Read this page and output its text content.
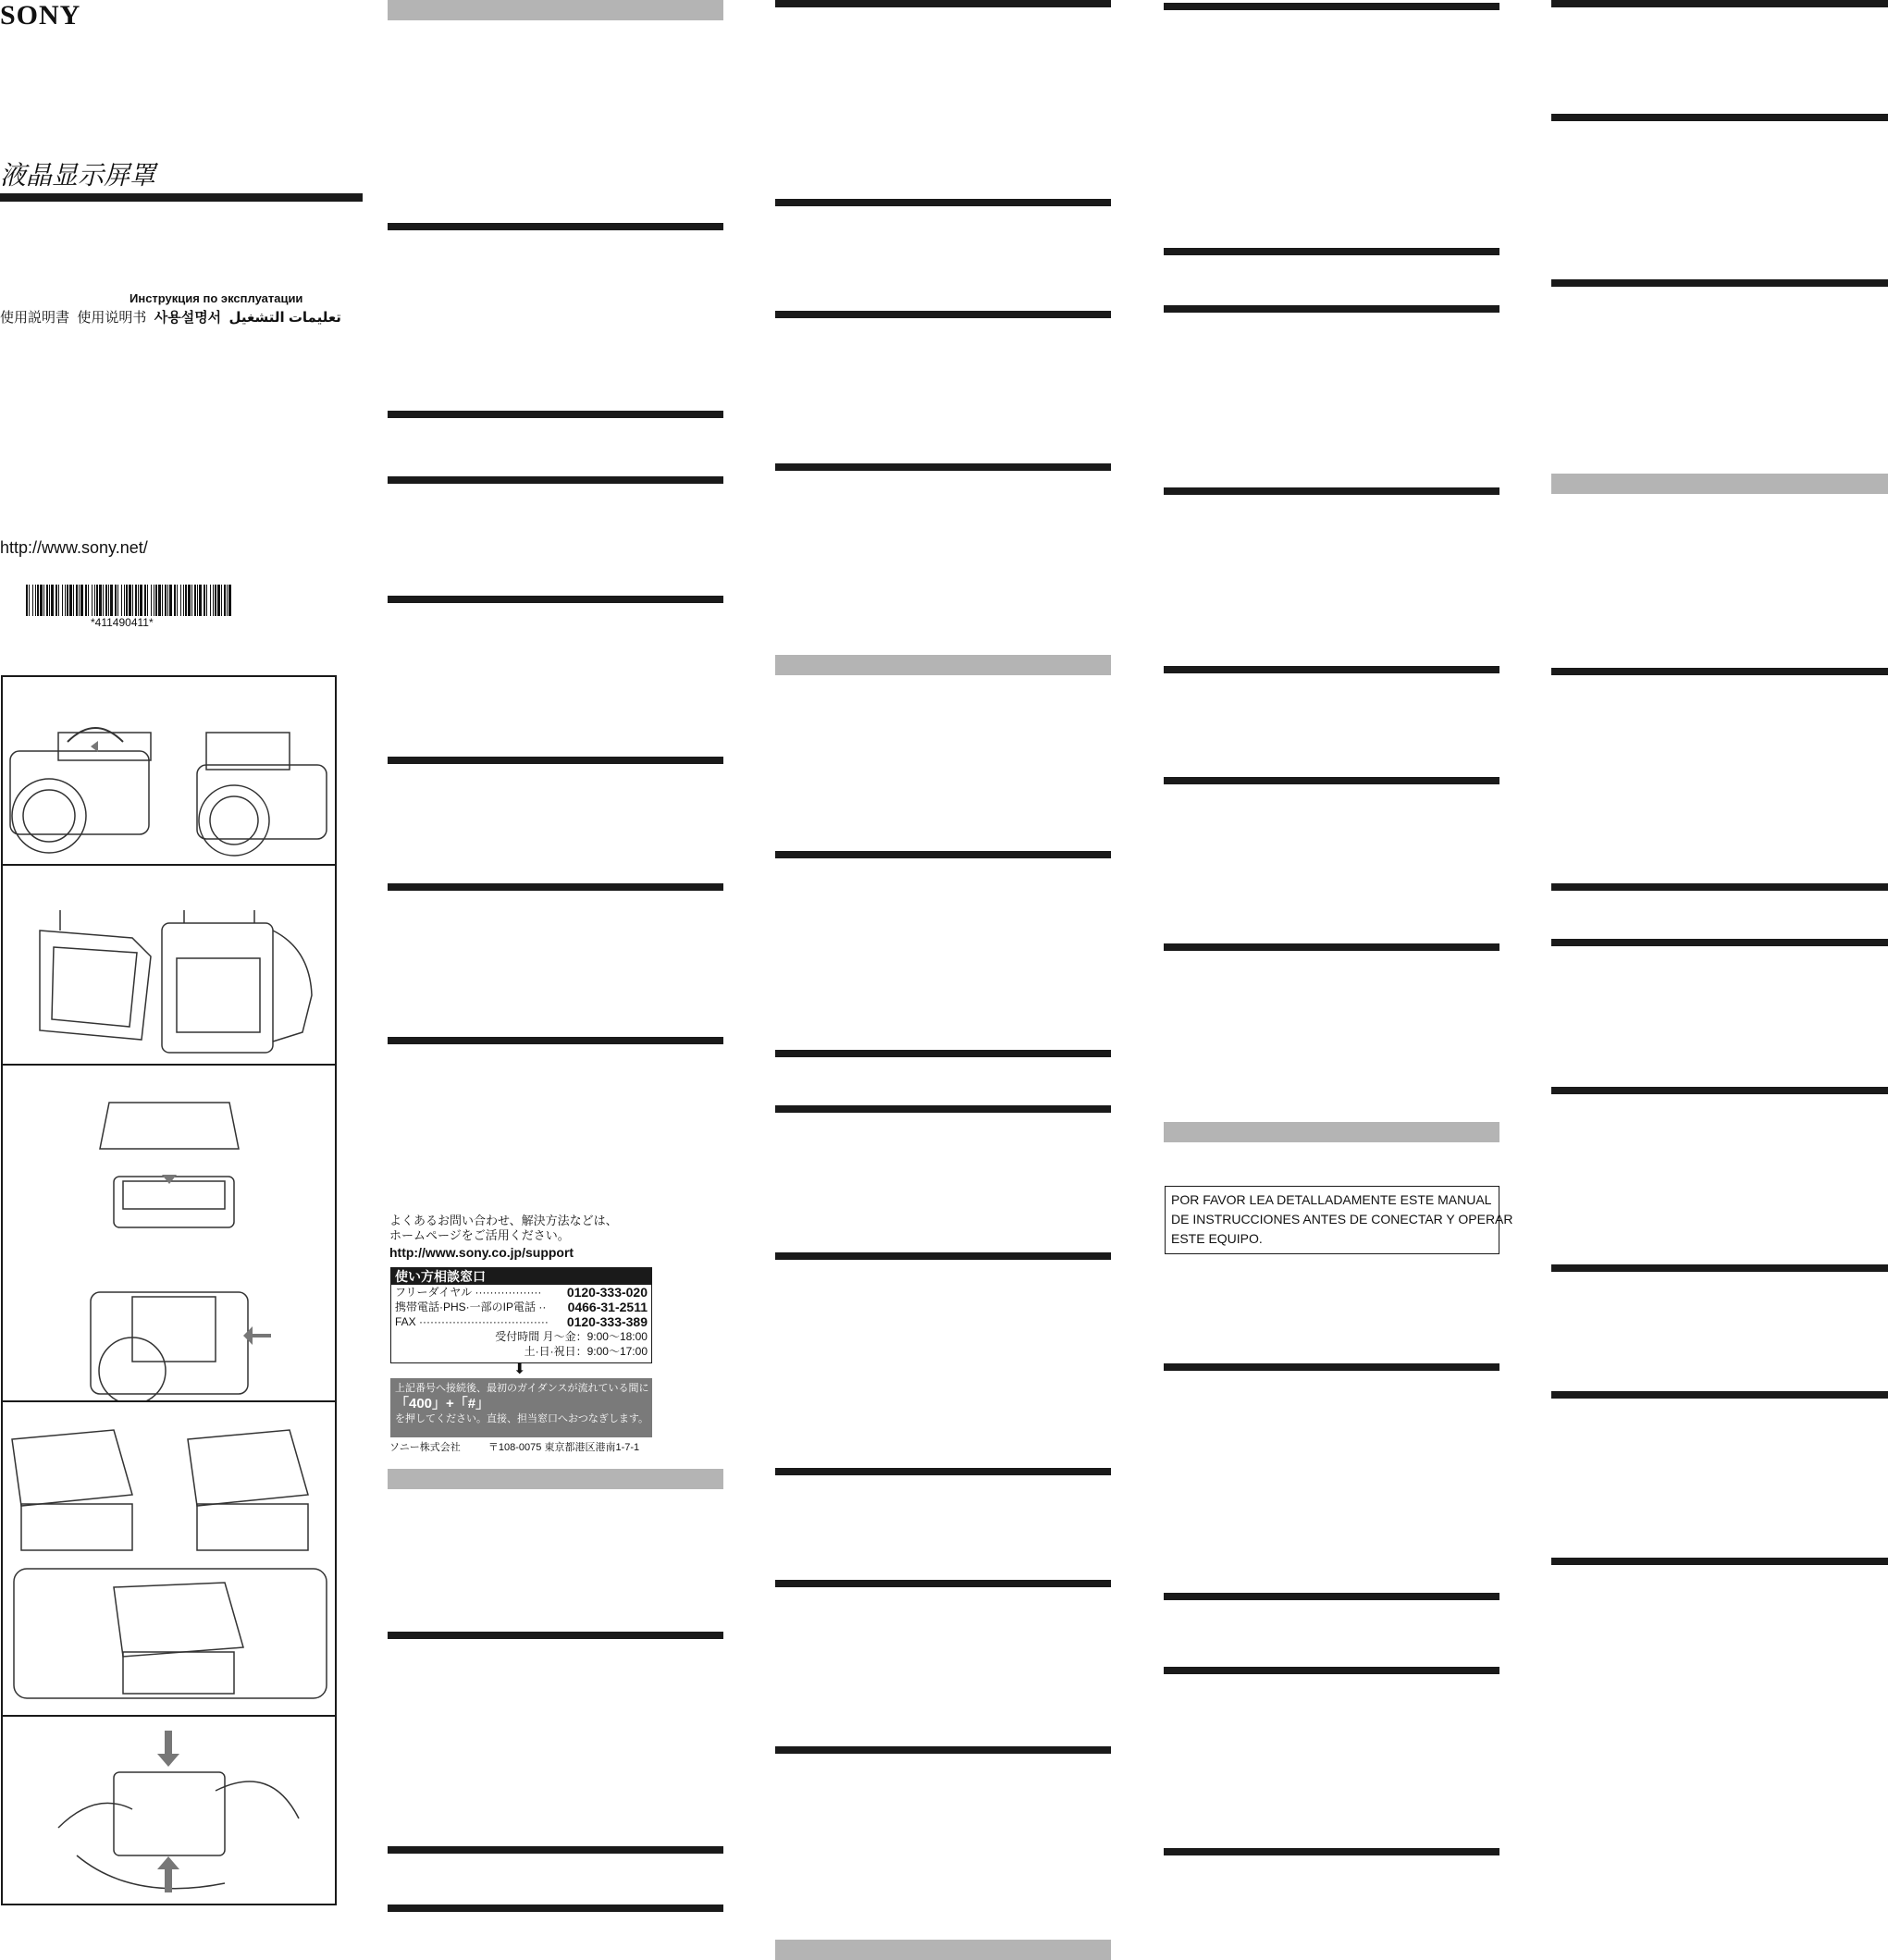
SONY
液晶显示屏罩
Инструкция по эксплуатации
使用説明書 使用说明书 사용설명서 تعليمات التشغيل
http://www.sony.net/
*411490411*
よくあるお問い合わせ、解決方法などは、
ホームページをご活用ください。
http://www.sony.co.jp/support
使い方相談窓口
フリーダイヤル ·················· 0120-333-020
携帯電話·PHS·一部のIP電話 ·· 0466-31-2511
FAX ··································· 0120-333-389
受付時間 月～金：9:00～18:00
土·日·祝日：9:00～17:00
⬇
上記番号へ接続後、最初のガイダンスが流れている間に
「400」+「#」
を押してください。直接、担当窓口へおつなぎします。
ソニー株式会社	〒108-0075 東京都港区港南1-7-1
POR FAVOR LEA DETALLADAMENTE ESTE MANUAL
DE INSTRUCCIONES ANTES DE CONECTAR Y OPERAR
ESTE EQUIPO.
